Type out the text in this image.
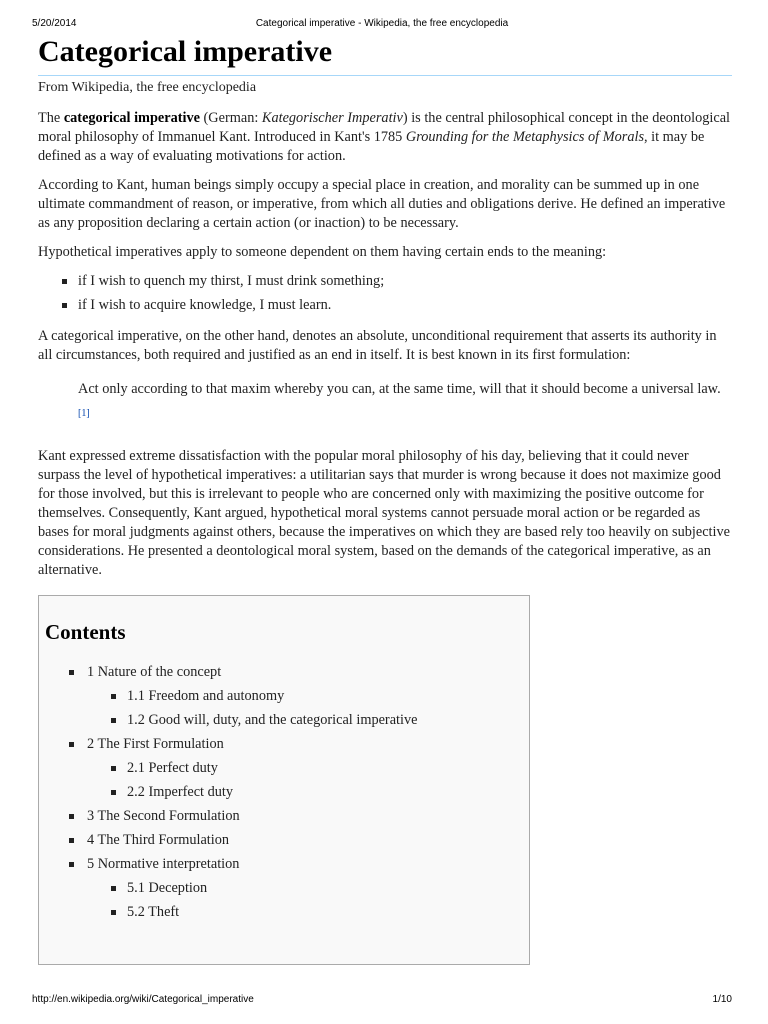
5/20/2014	Categorical imperative - Wikipedia, the free encyclopedia
Categorical imperative
From Wikipedia, the free encyclopedia

The categorical imperative (German: Kategorischer Imperativ) is the central philosophical concept in the deontological moral philosophy of Immanuel Kant. Introduced in Kant's 1785 Grounding for the Metaphysics of Morals, it may be defined as a way of evaluating motivations for action.

According to Kant, human beings simply occupy a special place in creation, and morality can be summed up in one ultimate commandment of reason, or imperative, from which all duties and obligations derive. He defined an imperative as any proposition declaring a certain action (or inaction) to be necessary.

Hypothetical imperatives apply to someone dependent on them having certain ends to the meaning:

if I wish to quench my thirst, I must drink something;
if I wish to acquire knowledge, I must learn.

A categorical imperative, on the other hand, denotes an absolute, unconditional requirement that asserts its authority in all circumstances, both required and justified as an end in itself. It is best known in its first formulation:

Act only according to that maxim whereby you can, at the same time, will that it should become a universal law.[1]

Kant expressed extreme dissatisfaction with the popular moral philosophy of his day, believing that it could never surpass the level of hypothetical imperatives: a utilitarian says that murder is wrong because it does not maximize good for those involved, but this is irrelevant to people who are concerned only with maximizing the positive outcome for themselves. Consequently, Kant argued, hypothetical moral systems cannot persuade moral action or be regarded as bases for moral judgments against others, because the imperatives on which they are based rely too heavily on subjective considerations. He presented a deontological moral system, based on the demands of the categorical imperative, as an alternative.

Contents
1 Nature of the concept
1.1 Freedom and autonomy
1.2 Good will, duty, and the categorical imperative
2 The First Formulation
2.1 Perfect duty
2.2 Imperfect duty
3 The Second Formulation
4 The Third Formulation
5 Normative interpretation
5.1 Deception
5.2 Theft
http://en.wikipedia.org/wiki/Categorical_imperative	1/10
